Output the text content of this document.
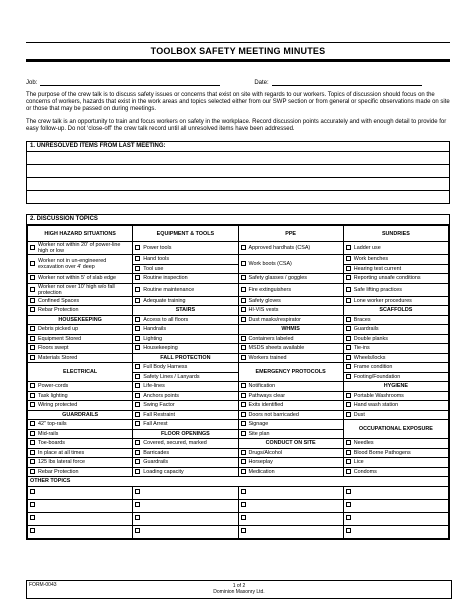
TOOLBOX SAFETY MEETING MINUTES
Job:	Date:
The purpose of the crew talk is to discuss safety issues or concerns that exist on site with regards to our workers. Topics of discussion should focus on the concerns of workers, hazards that exist in the work areas and topics selected either from our SWP section or from general or specific observations made on site or those that may be passed on during meetings.
The crew talk is an opportunity to train and focus workers on safety in the workplace. Record discussion points accurately and with enough detail to provide for easy follow-up. Do not ‘close-off’ the crew talk record until all unresolved items have been addressed.
1. UNRESOLVED ITEMS FROM LAST MEETING:
2. DISCUSSION TOPICS
HIGH HAZARD SITUATIONS	EQUIPMENT & TOOLS	PPE	SUNDRIES

Worker not within 20' of power-line high or low	Power tools	Approved hardhats (CSA)	Ladder use

Worker not in un-engineered excavation over 4' deep	Hand tools	Work boots (CSA)	Work benches

	Tool use		Hearing test current

Worker not within 5' of slab edge	Routine inspection	Safety glasses / goggles	Reporting unsafe conditions

Worker not over 10' high w/o fall protection	Routine maintenance	Fire extinguishers	Safe lifting practices

Confined Spaces	Adequate training	Safety gloves	Lone worker procedures

Rebar Protection	STAIRS	HI-VIS vests	SCAFFOLDS
HOUSEKEEPING	Access to all floors	Dust masks/respirator	Braces

Debris picked up	Handrails	WHMIS	Guardrails

Equipment Stored	Lighting	Containers labeled	Double planks

Floors swept	Housekeeping	MSDS sheets available	Tie-ins

Materials Stored	FALL PROTECTION	Workers trained	Wheels/locks

ELECTRICAL	Full Body Harness	EMERGENCY PROTOCOLS	Frame condition

	Safety Lines / Lanyards		Footing/Foundation

Power-cords	Life-lines	Notification	HYGIENE

Task lighting	Anchors points	Pathways clear	Portable Washrooms

Wiring protected	Swing Factor	Exits identified	Hand wash station

GUARDRAILS	Fall Restraint	Doors not barricaded	Dust

42" top-rails	Fall Arrest	Signage	OCCUPATIONAL EXPOSURE

Mid-rails	FLOOR OPENINGS	Site plan	

Toe-boards	Covered, secured, marked	CONDUCT ON SITE	Needles

In place at all times	Barricades	Drugs/Alcohol	Blood Borne Pathogens

125 lbs lateral force	Guardrails	Horseplay	Lice

Rebar Protection	Loading capacity	Medication	Condoms

OTHER TOPICS			

FORM-0043	1 of 2
Dominion Masonry Ltd.
